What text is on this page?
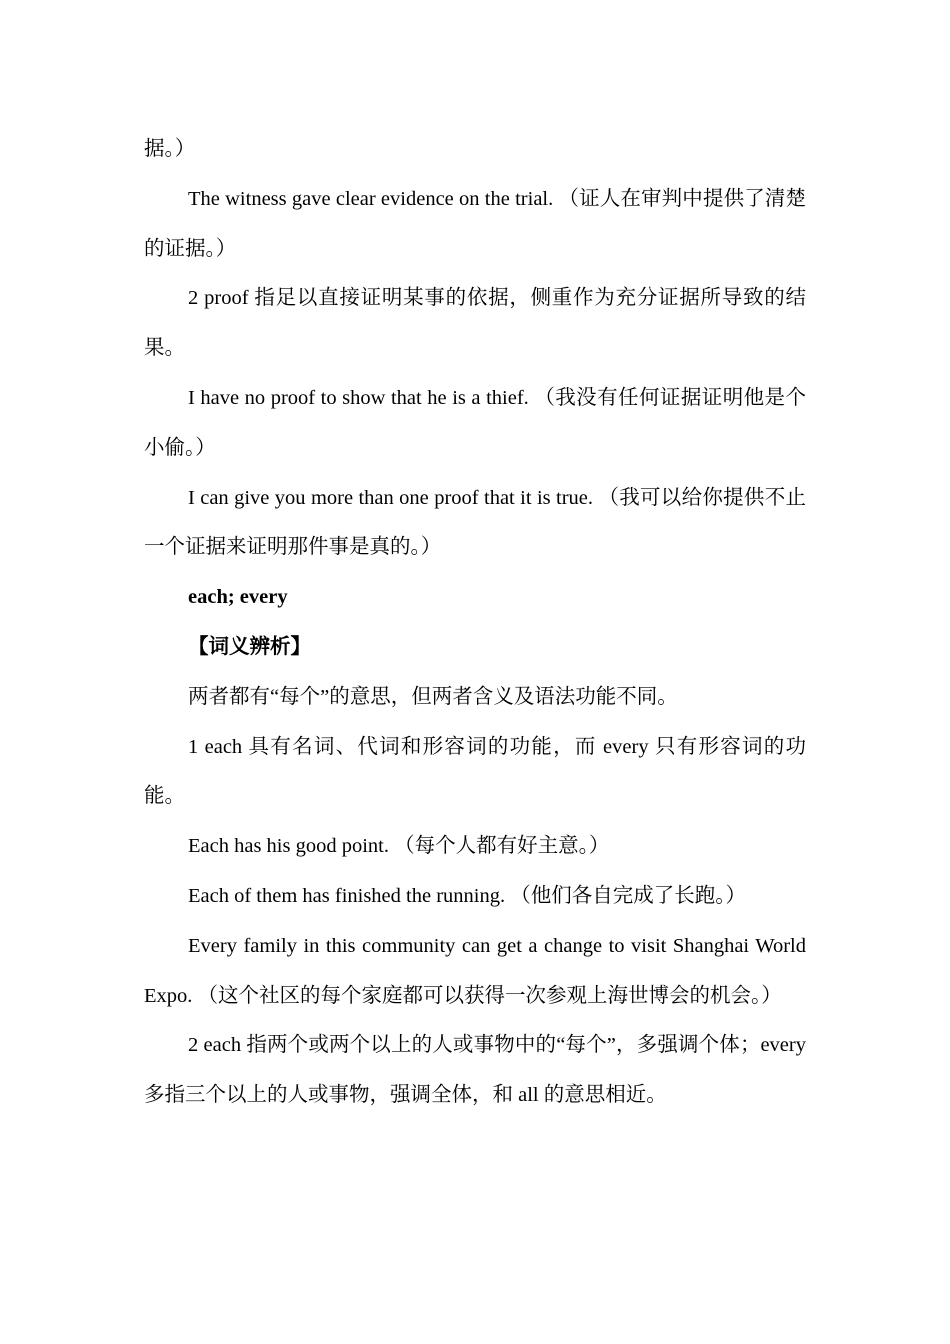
据。）

The witness gave clear evidence on the trial. （证人在审判中提供了清楚的证据。）

2 proof 指足以直接证明某事的依据，侧重作为充分证据所导致的结果。

I have no proof to show that he is a thief. （我没有任何证据证明他是个小偷。）

I can give you more than one proof that it is true. （我可以给你提供不止一个证据来证明那件事是真的。）

each; every

【词义辨析】

两者都有“每个”的意思，但两者含义及语法功能不同。

1 each 具有名词、代词和形容词的功能，而 every 只有形容词的功能。

Each has his good point. （每个人都有好主意。）

Each of them has finished the running. （他们各自完成了长跑。）

Every family in this community can get a change to visit Shanghai World Expo. （这个社区的每个家庭都可以获得一次参观上海世博会的机会。）

2 each 指两个或两个以上的人或事物中的“每个”，多强调个体；every 多指三个以上的人或事物，强调全体，和 all 的意思相近。
